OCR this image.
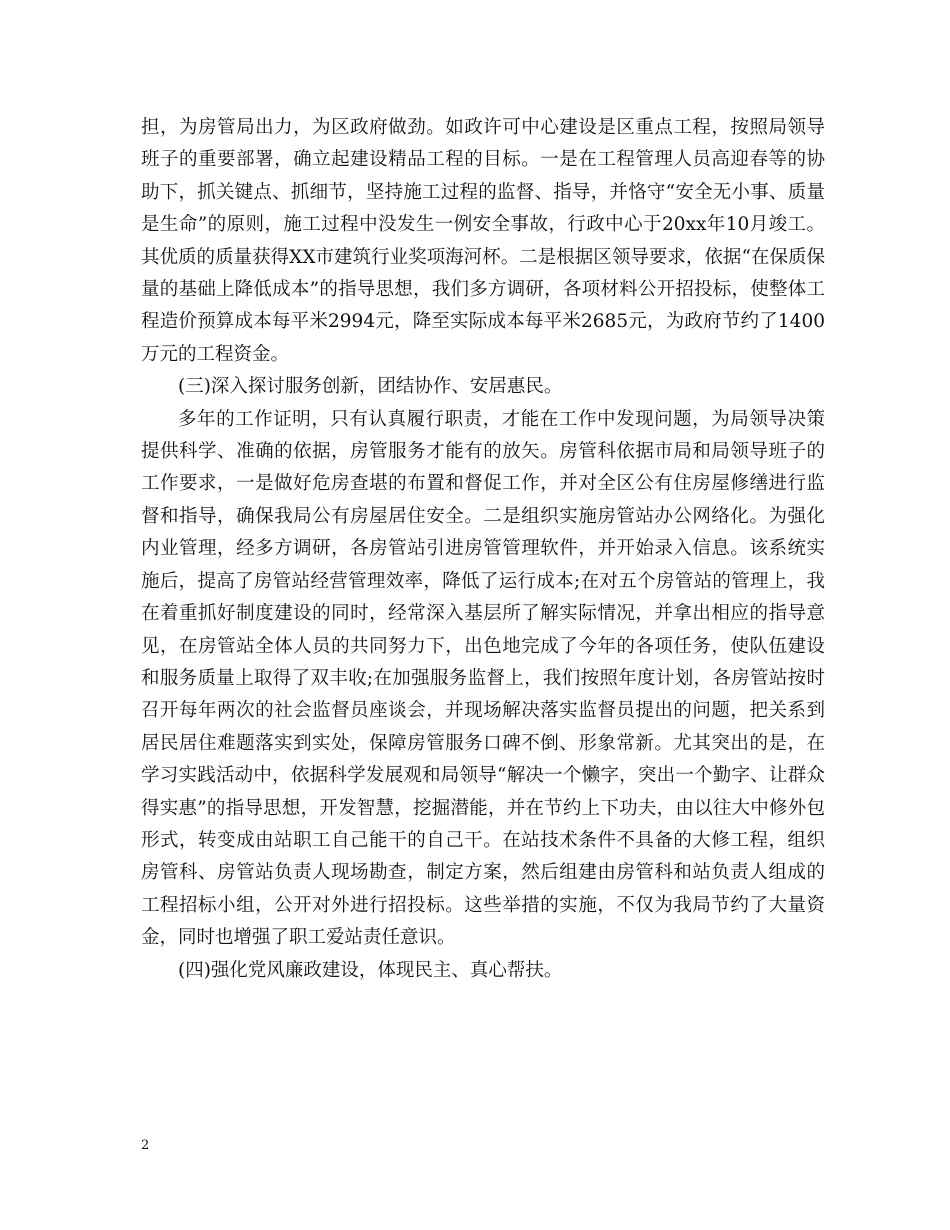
担，为房管局出力，为区政府做劲。如政许可中心建设是区重点工程，按照局领导班子的重要部署，确立起建设精品工程的目标。一是在工程管理人员高迎春等的协助下，抓关键点、抓细节，坚持施工过程的监督、指导，并恪守“安全无小事、质量是生命”的原则，施工过程中没发生一例安全事故，行政中心于20xx年10月竣工。其优质的质量获得XX市建筑行业奖项海河杯。二是根据区领导要求，依据“在保质保量的基础上降低成本”的指导思想，我们多方调研，各项材料公开招投标，使整体工程造价预算成本每平米2994元，降至实际成本每平米2685元，为政府节约了1400万元的工程资金。

(三)深入探讨服务创新，团结协作、安居惠民。

多年的工作证明，只有认真履行职责，才能在工作中发现问题，为局领导决策提供科学、准确的依据，房管服务才能有的放矢。房管科依据市局和局领导班子的工作要求，一是做好危房查堪的布置和督促工作，并对全区公有住房屋修缮进行监督和指导，确保我局公有房屋居住安全。二是组织实施房管站办公网络化。为强化内业管理，经多方调研，各房管站引进房管管理软件，并开始录入信息。该系统实施后，提高了房管站经营管理效率，降低了运行成本;在对五个房管站的管理上，我在着重抓好制度建设的同时，经常深入基层所了解实际情况，并拿出相应的指导意见，在房管站全体人员的共同努力下，出色地完成了今年的各项任务，使队伍建设和服务质量上取得了双丰收;在加强服务监督上，我们按照年度计划，各房管站按时召开每年两次的社会监督员座谈会，并现场解决落实监督员提出的问题，把关系到居民居住难题落实到实处，保障房管服务口碑不倒、形象常新。尤其突出的是，在学习实践活动中，依据科学发展观和局领导“解决一个懒字，突出一个勤字、让群众得实惠”的指导思想，开发智慧，挖掘潜能，并在节约上下功夫，由以往大中修外包形式，转变成由站职工自己能干的自己干。在站技术条件不具备的大修工程，组织房管科、房管站负责人现场勘查，制定方案，然后组建由房管科和站负责人组成的工程招标小组，公开对外进行招投标。这些举措的实施，不仅为我局节约了大量资金，同时也增强了职工爱站责任意识。

(四)强化党风廉政建设，体现民主、真心帮扶。

2
